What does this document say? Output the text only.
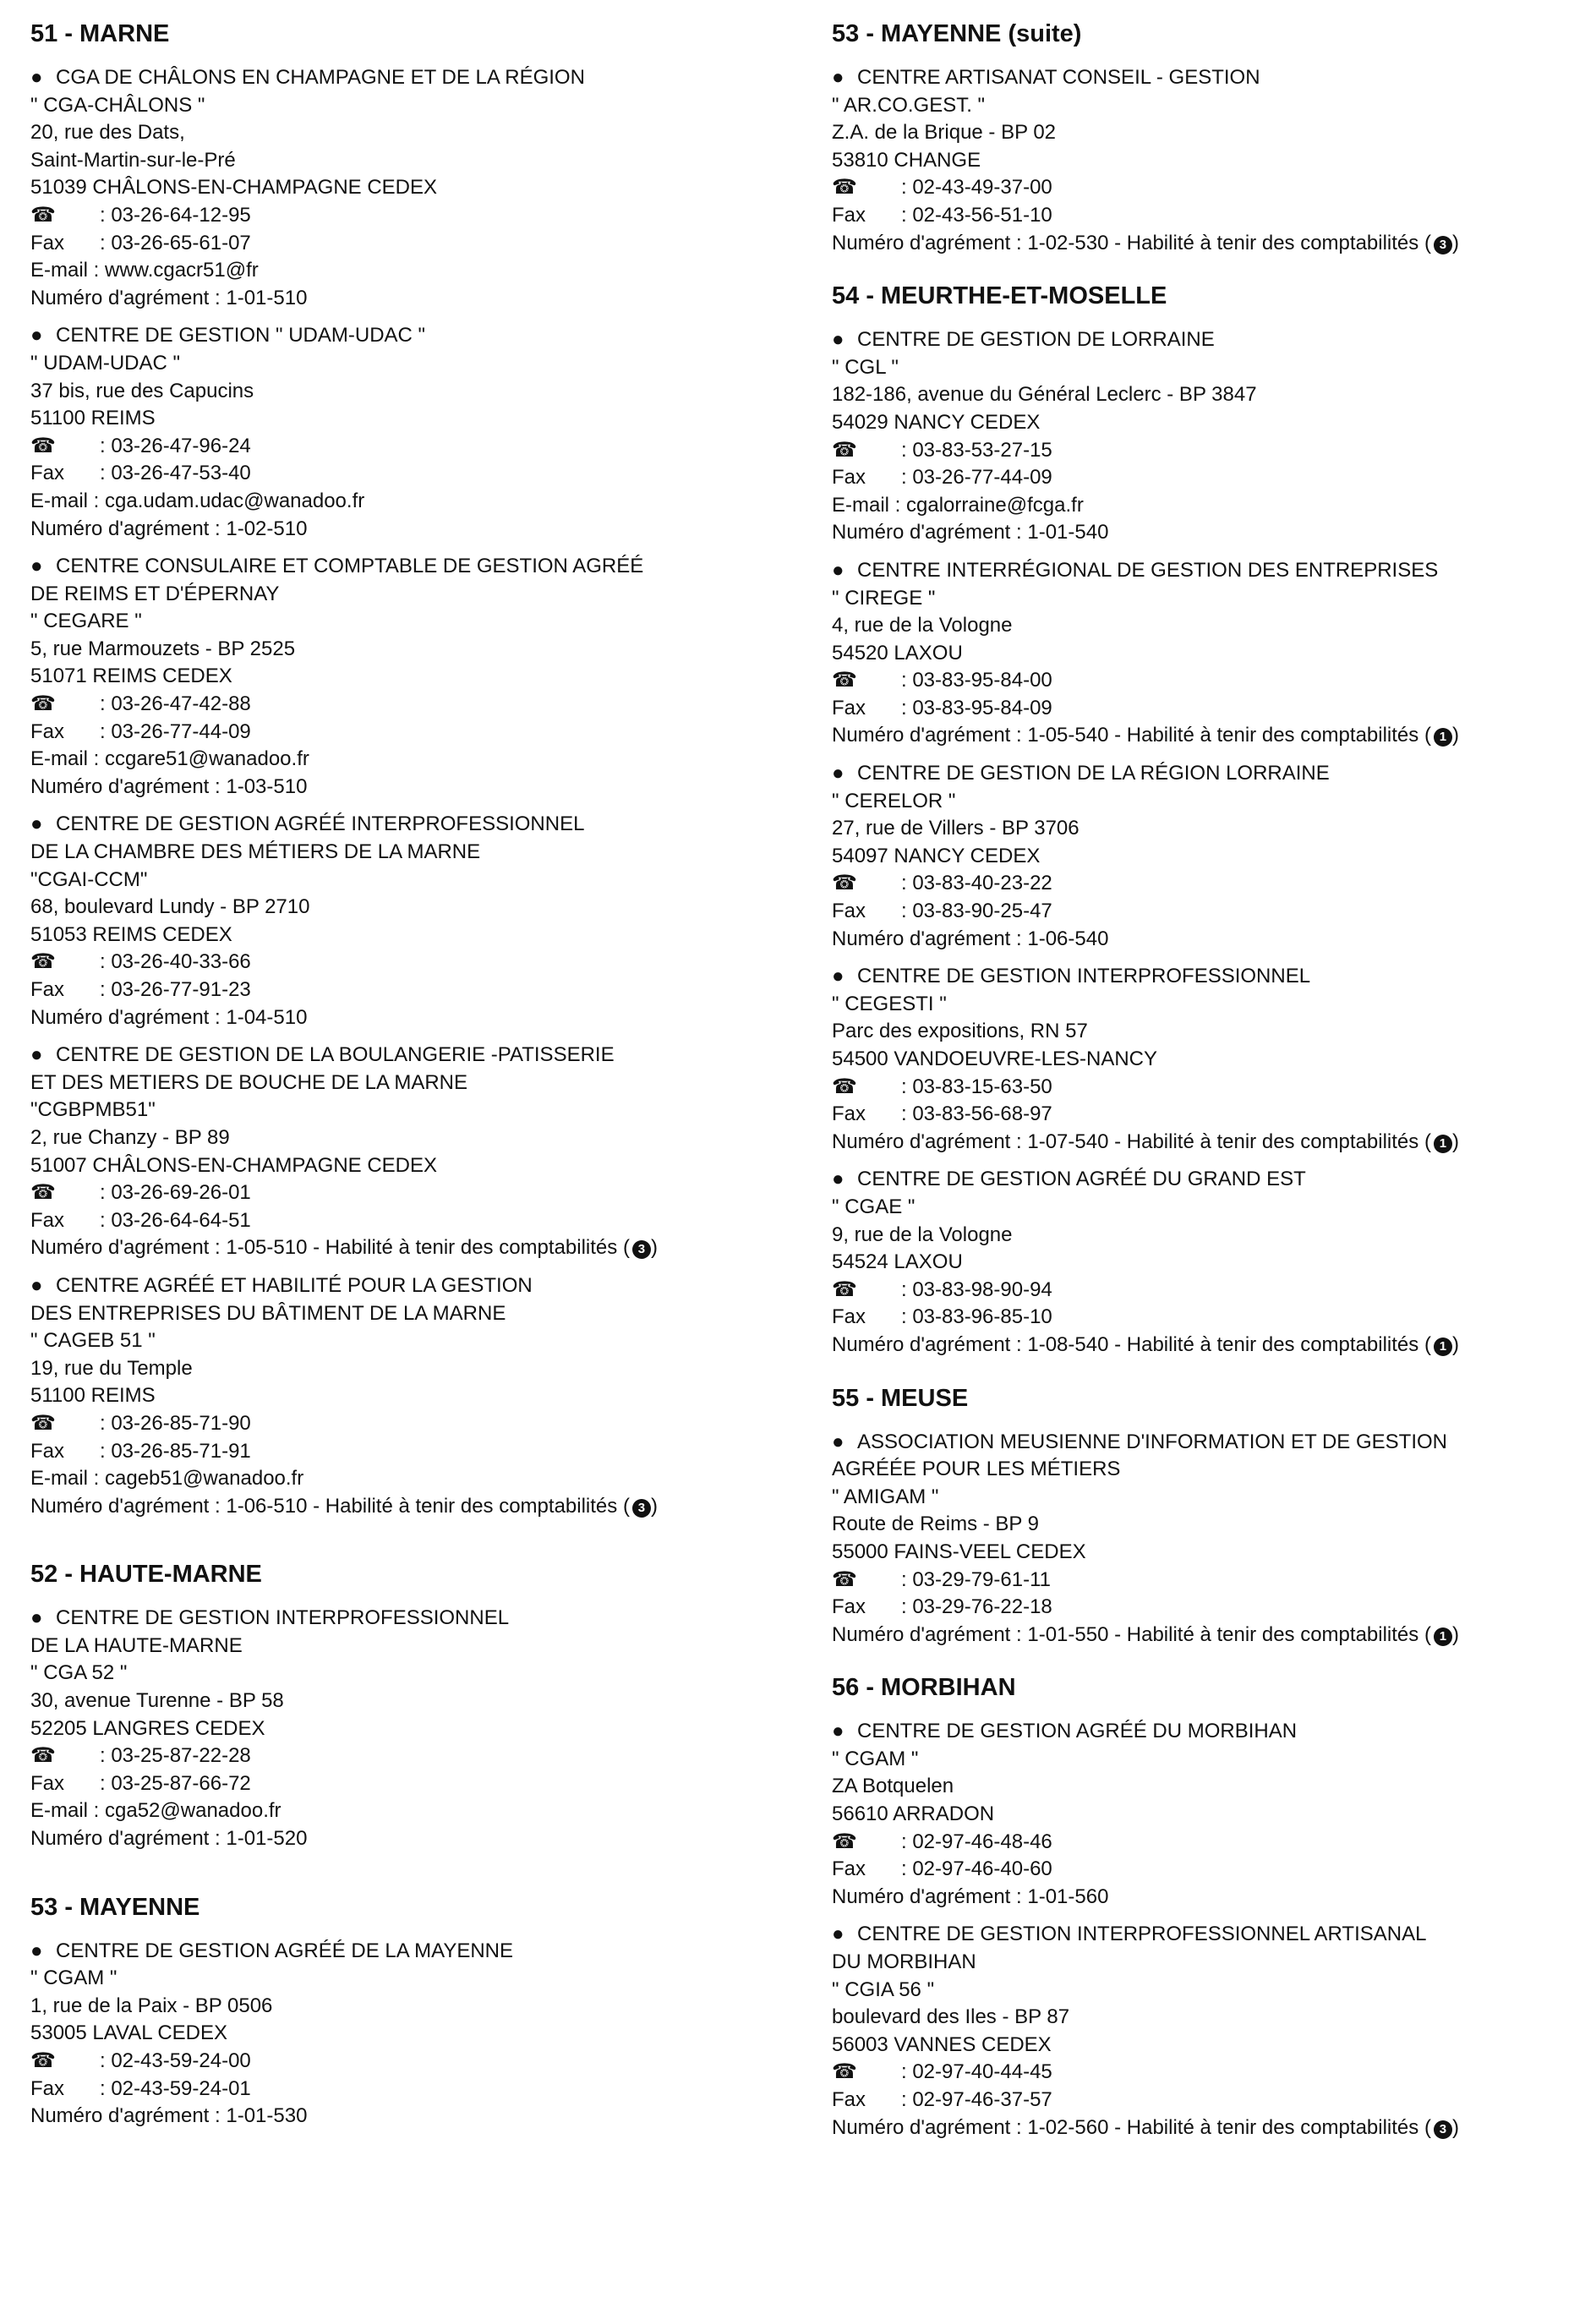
51 - MARNE
● CGA DE CHÂLONS EN CHAMPAGNE ET DE LA RÉGION
" CGA-CHÂLONS "
20, rue des Dats,
Saint-Martin-sur-le-Pré
51039 CHÂLONS-EN-CHAMPAGNE CEDEX
☎ : 03-26-64-12-95
Fax : 03-26-65-61-07
E-mail : www.cgacr51@fr
Numéro d'agrément : 1-01-510
● CENTRE DE GESTION " UDAM-UDAC "
" UDAM-UDAC "
37 bis, rue des Capucins
51100 REIMS
☎ : 03-26-47-96-24
Fax : 03-26-47-53-40
E-mail : cga.udam.udac@wanadoo.fr
Numéro d'agrément : 1-02-510
● CENTRE CONSULAIRE ET COMPTABLE DE GESTION AGRÉÉ
DE REIMS ET D'ÉPERNAY
" CEGARE "
5, rue Marmouzets - BP 2525
51071 REIMS CEDEX
☎ : 03-26-47-42-88
Fax : 03-26-77-44-09
E-mail : ccgare51@wanadoo.fr
Numéro d'agrément : 1-03-510
● CENTRE DE GESTION AGRÉÉ INTERPROFESSIONNEL
DE LA CHAMBRE DES MÉTIERS DE LA MARNE
"CGAI-CCM"
68, boulevard Lundy - BP 2710
51053 REIMS CEDEX
☎ : 03-26-40-33-66
Fax : 03-26-77-91-23
Numéro d'agrément : 1-04-510
● CENTRE DE GESTION DE LA BOULANGERIE -PATISSERIE
ET DES METIERS DE BOUCHE DE LA MARNE
"CGBPMB51"
2, rue Chanzy - BP 89
51007 CHÂLONS-EN-CHAMPAGNE CEDEX
☎ : 03-26-69-26-01
Fax : 03-26-64-64-51
Numéro d'agrément : 1-05-510 - Habilité à tenir des comptabilités ( 3 )
● CENTRE AGRÉÉ ET HABILITÉ POUR LA GESTION
DES ENTREPRISES DU BÂTIMENT DE LA MARNE
" CAGEB 51 "
19, rue du Temple
51100 REIMS
☎ : 03-26-85-71-90
Fax : 03-26-85-71-91
E-mail : cageb51@wanadoo.fr
Numéro d'agrément : 1-06-510 - Habilité à tenir des comptabilités ( 3 )
52 - HAUTE-MARNE
● CENTRE DE GESTION INTERPROFESSIONNEL
DE LA HAUTE-MARNE
" CGA 52 "
30, avenue Turenne - BP 58
52205 LANGRES CEDEX
☎ : 03-25-87-22-28
Fax : 03-25-87-66-72
E-mail : cga52@wanadoo.fr
Numéro d'agrément : 1-01-520
53 - MAYENNE
● CENTRE DE GESTION AGRÉÉ DE LA MAYENNE
" CGAM "
1, rue de la Paix - BP 0506
53005 LAVAL CEDEX
☎ : 02-43-59-24-00
Fax : 02-43-59-24-01
Numéro d'agrément : 1-01-530
53 - MAYENNE (suite)
● CENTRE ARTISANAT CONSEIL - GESTION
" AR.CO.GEST. "
Z.A. de la Brique - BP 02
53810 CHANGE
☎ : 02-43-49-37-00
Fax : 02-43-56-51-10
Numéro d'agrément : 1-02-530 - Habilité à tenir des comptabilités ( 3 )
54 - MEURTHE-ET-MOSELLE
● CENTRE DE GESTION DE LORRAINE
" CGL "
182-186, avenue du Général Leclerc - BP 3847
54029 NANCY CEDEX
☎ : 03-83-53-27-15
Fax : 03-26-77-44-09
E-mail : cgalorraine@fcga.fr
Numéro d'agrément : 1-01-540
● CENTRE INTERRÉGIONAL DE GESTION DES ENTREPRISES
" CIREGE "
4, rue de la Vologne
54520 LAXOU
☎ : 03-83-95-84-00
Fax : 03-83-95-84-09
Numéro d'agrément : 1-05-540 - Habilité à tenir des comptabilités ( 1 )
● CENTRE DE GESTION DE LA RÉGION LORRAINE
" CERELOR "
27, rue de Villers - BP 3706
54097 NANCY CEDEX
☎ : 03-83-40-23-22
Fax : 03-83-90-25-47
Numéro d'agrément : 1-06-540
● CENTRE DE GESTION INTERPROFESSIONNEL
" CEGESTI "
Parc des expositions, RN 57
54500 VANDOEUVRE-LES-NANCY
☎ : 03-83-15-63-50
Fax : 03-83-56-68-97
Numéro d'agrément : 1-07-540 - Habilité à tenir des comptabilités ( 1 )
● CENTRE DE GESTION AGRÉÉ DU GRAND EST
" CGAE "
9, rue de la Vologne
54524 LAXOU
☎ : 03-83-98-90-94
Fax : 03-83-96-85-10
Numéro d'agrément : 1-08-540 - Habilité à tenir des comptabilités ( 1 )
55 - MEUSE
● ASSOCIATION MEUSIENNE D'INFORMATION ET DE GESTION
AGRÉÉE POUR LES MÉTIERS
" AMIGAM "
Route de Reims - BP 9
55000 FAINS-VEEL CEDEX
☎ : 03-29-79-61-11
Fax : 03-29-76-22-18
Numéro d'agrément : 1-01-550 - Habilité à tenir des comptabilités ( 1 )
56 - MORBIHAN
● CENTRE DE GESTION AGRÉÉ DU MORBIHAN
" CGAM "
ZA Botquelen
56610 ARRADON
☎ : 02-97-46-48-46
Fax : 02-97-46-40-60
Numéro d'agrément : 1-01-560
● CENTRE DE GESTION INTERPROFESSIONNEL ARTISANAL
DU MORBIHAN
" CGIA 56 "
boulevard des Iles - BP 87
56003 VANNES CEDEX
☎ : 02-97-40-44-45
Fax : 02-97-46-37-57
Numéro d'agrément : 1-02-560 - Habilité à tenir des comptabilités ( 3 )
